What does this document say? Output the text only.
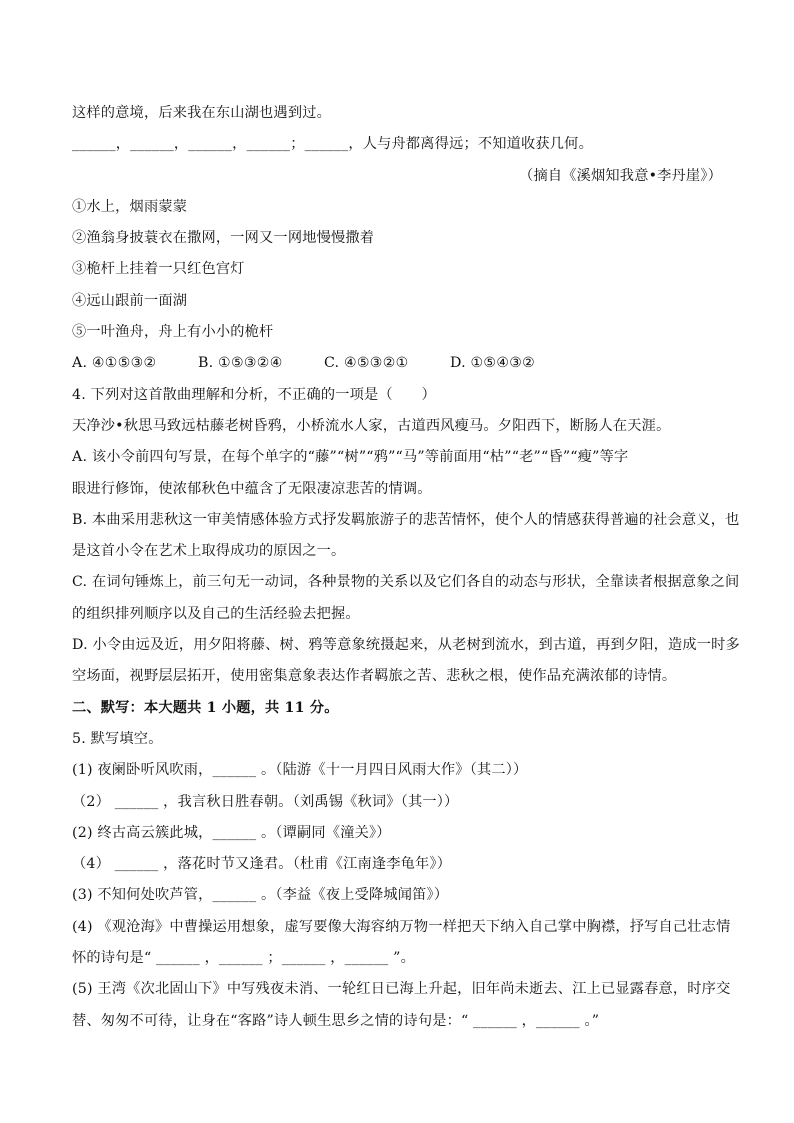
这样的意境，后来我在东山湖也遇到过。
______，______，______，______；______，人与舟都离得远；不知道收获几何。
（摘自《溪烟知我意•李丹崖》）
①水上，烟雨蒙蒙
②渔翁身披蓑衣在撒网，一网又一网地慢慢撒着
③桅杆上挂着一只红色宫灯
④远山跟前一面湖
⑤一叶渔舟，舟上有小小的桅杆
A. ④①⑤③②	B. ①⑤③②④	C. ④⑤③②①	D. ①⑤④③②
4. 下列对这首散曲理解和分析，不正确的一项是（　　）
天净沙•秋思马致远枯藤老树昏鸦，小桥流水人家，古道西风瘦马。夕阳西下，断肠人在天涯。
A. 该小令前四句写景，在每个单字的“藤”“树”“鸦”“马”等前面用“枯”“老”“昏”“瘦”等字
眼进行修饰，使浓郁秋色中蕴含了无限凄凉悲苦的情调。
B. 本曲采用悲秋这一审美情感体验方式抒发羁旅游子的悲苦情怀，使个人的情感获得普遍的社会意义，也
是这首小令在艺术上取得成功的原因之一。
C. 在词句锤炼上，前三句无一动词，各种景物的关系以及它们各自的动态与形状，全靠读者根据意象之间
的组织排列顺序以及自己的生活经验去把握。
D. 小令由远及近，用夕阳将藤、树、鸦等意象统摄起来，从老树到流水，到古道，再到夕阳，造成一时多
空场面，视野层层拓开，使用密集意象表达作者羁旅之苦、悲秋之根，使作品充满浓郁的诗情。
二、默写：本大题共 1 小题，共 11 分。
5. 默写填空。
(1) 夜阑卧听风吹雨，______ 。（陆游《十一月四日风雨大作》（其二））
（2） ______ ，我言秋日胜春朝。（刘禹锡《秋词》（其一））
(2) 终古高云簇此城，______ 。（谭嗣同《潼关》）
（4） ______ ，落花时节又逢君。（杜甫《江南逢李龟年》）
(3) 不知何处吹芦管，______ 。（李益《夜上受降城闻笛》）
(4) 《观沧海》中曹操运用想象，虚写要像大海容纳万物一样把天下纳入自己掌中胸襟，抒写自己壮志情
怀的诗句是“ ______ ，______ ；______ ，______ ”。
(5) 王湾《次北固山下》中写残夜未消、一轮红日已海上升起，旧年尚未逝去、江上已显露春意，时序交
替、匆匆不可待，让身在“客路”诗人顿生思乡之情的诗句是：“ ______ ，______ 。”
